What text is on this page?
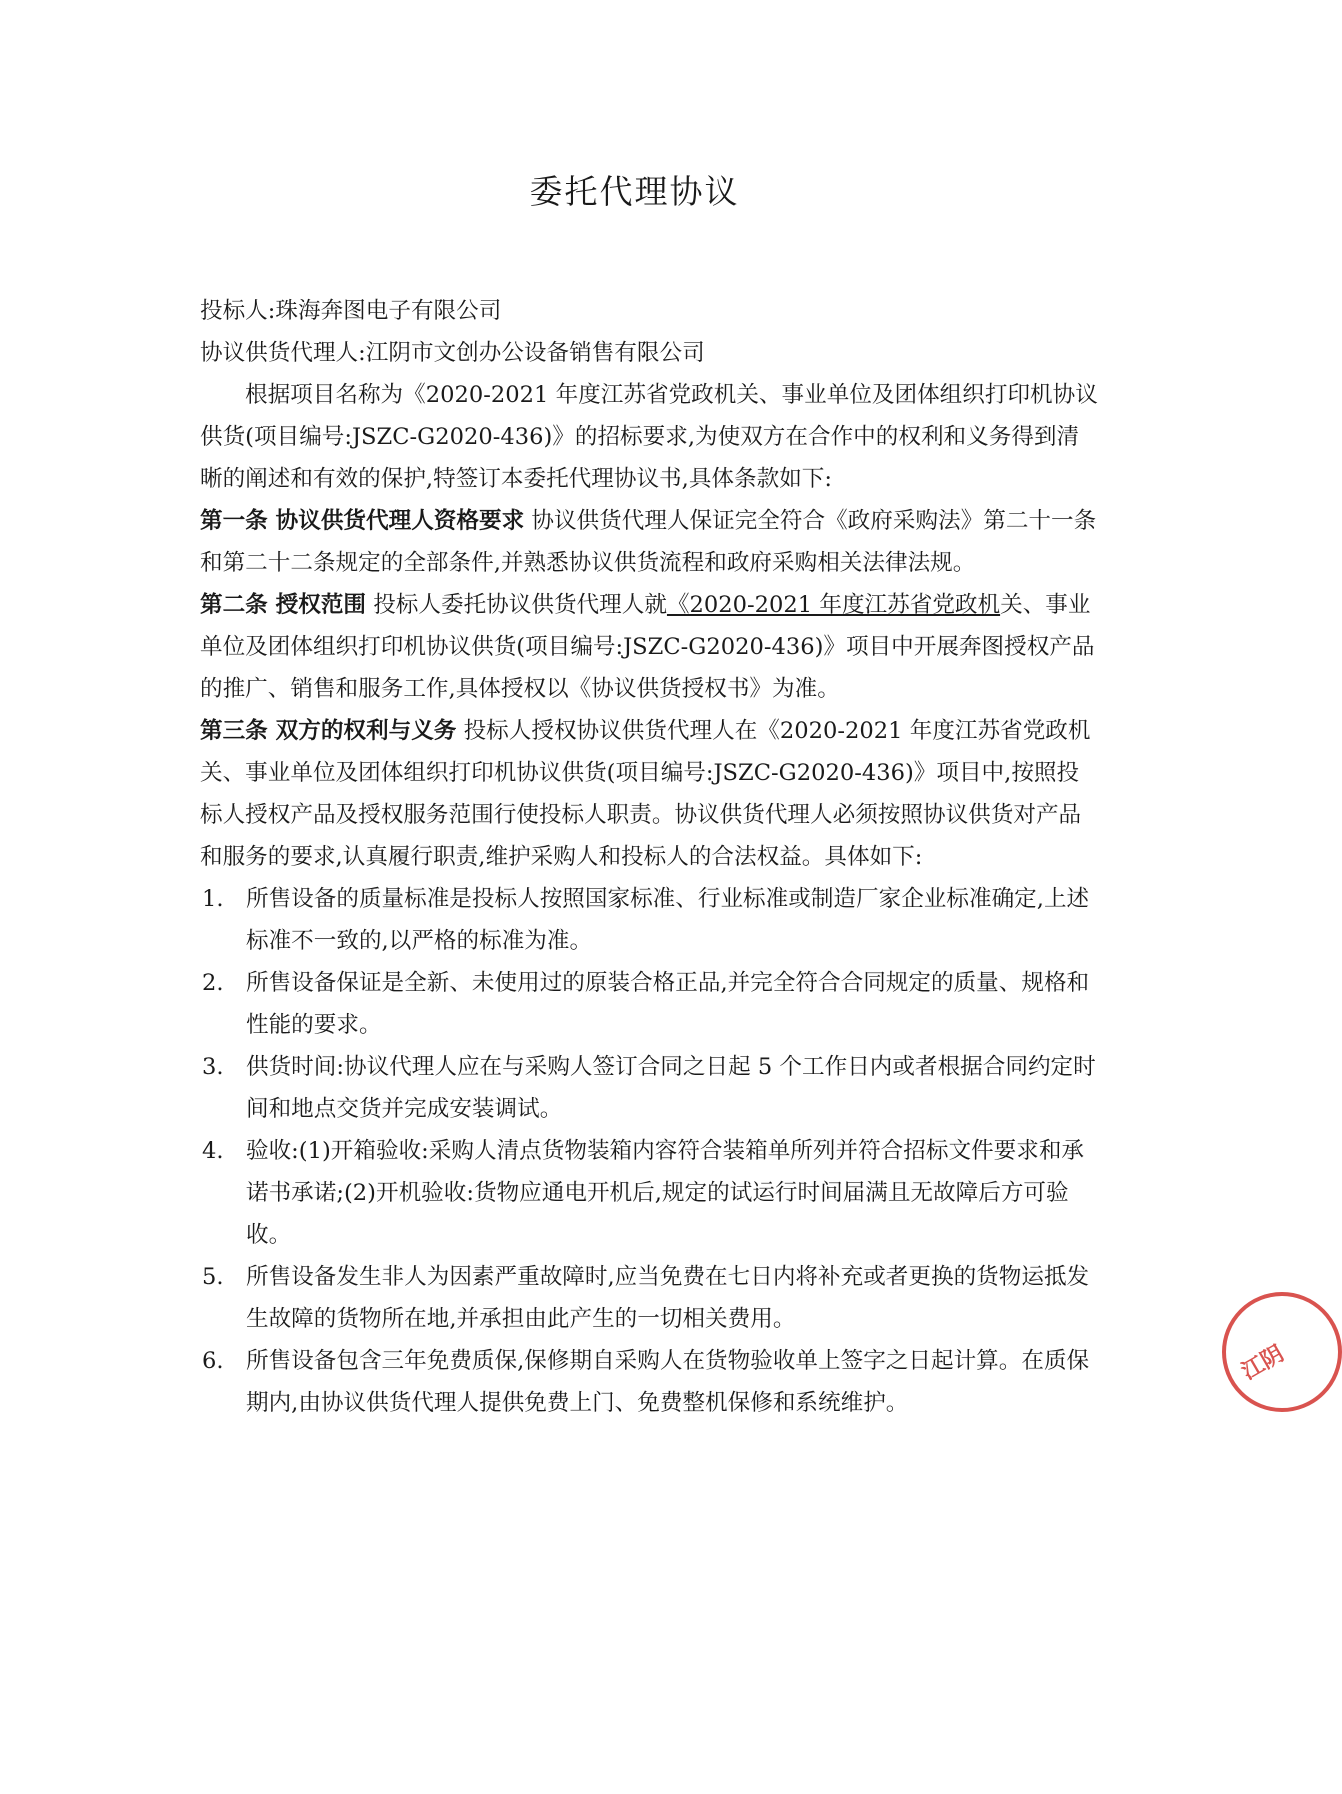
委托代理协议

投标人:珠海奔图电子有限公司

协议供货代理人:江阴市文创办公设备销售有限公司

根据项目名称为《2020-2021 年度江苏省党政机关、事业单位及团体组织打印机协议供货(项目编号:JSZC-G2020-436)》的招标要求,为使双方在合作中的权利和义务得到清晰的阐述和有效的保护,特签订本委托代理协议书,具体条款如下:

第一条 协议供货代理人资格要求 协议供货代理人保证完全符合《政府采购法》第二十一条和第二十二条规定的全部条件,并熟悉协议供货流程和政府采购相关法律法规。

第二条 授权范围 投标人委托协议供货代理人就《2020-2021 年度江苏省党政机关、事业单位及团体组织打印机协议供货(项目编号:JSZC-G2020-436)》项目中开展奔图授权产品的推广、销售和服务工作,具体授权以《协议供货授权书》为准。

第三条 双方的权利与义务 投标人授权协议供货代理人在《2020-2021 年度江苏省党政机关、事业单位及团体组织打印机协议供货(项目编号:JSZC-G2020-436)》项目中,按照投标人授权产品及授权服务范围行使投标人职责。协议供货代理人必须按照协议供货对产品和服务的要求,认真履行职责,维护采购人和投标人的合法权益。具体如下:

1. 所售设备的质量标准是投标人按照国家标准、行业标准或制造厂家企业标准确定,上述标准不一致的,以严格的标准为准。
2. 所售设备保证是全新、未使用过的原装合格正品,并完全符合合同规定的质量、规格和性能的要求。
3. 供货时间:协议代理人应在与采购人签订合同之日起 5 个工作日内或者根据合同约定时间和地点交货并完成安装调试。
4. 验收:(1)开箱验收:采购人清点货物装箱内容符合装箱单所列并符合招标文件要求和承诺书承诺;(2)开机验收:货物应通电开机后,规定的试运行时间届满且无故障后方可验收。
5. 所售设备发生非人为因素严重故障时,应当免费在七日内将补充或者更换的货物运抵发生故障的货物所在地,并承担由此产生的一切相关费用。
6. 所售设备包含三年免费质保,保修期自采购人在货物验收单上签字之日起计算。在质保期内,由协议供货代理人提供免费上门、免费整机保修和系统维护。
江阴
